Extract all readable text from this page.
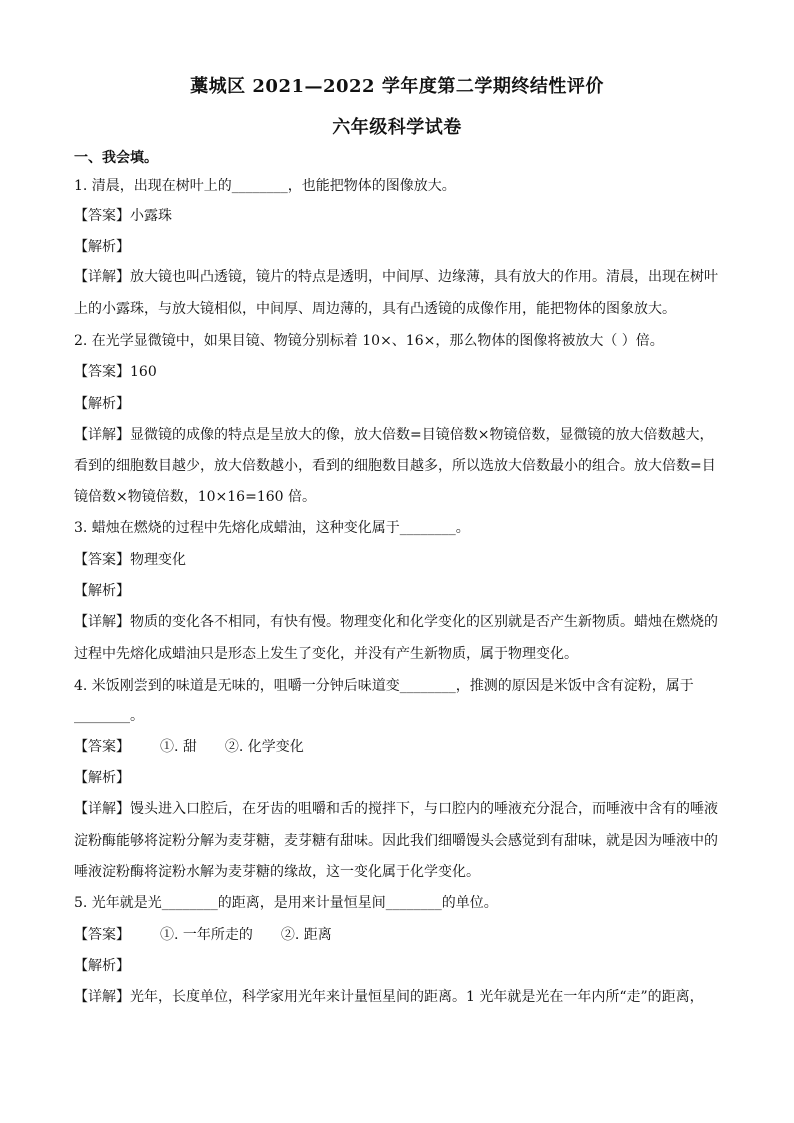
藁城区 2021—2022 学年度第二学期终结性评价
六年级科学试卷
一、我会填。
1. 清晨，出现在树叶上的________，也能把物体的图像放大。
【答案】小露珠
【解析】
【详解】放大镜也叫凸透镜，镜片的特点是透明，中间厚、边缘薄，具有放大的作用。清晨，出现在树叶
上的小露珠，与放大镜相似，中间厚、周边薄的，具有凸透镜的成像作用，能把物体的图象放大。
2. 在光学显微镜中，如果目镜、物镜分别标着 10×、16×，那么物体的图像将被放大（ ）倍。
【答案】160
【解析】
【详解】显微镜的成像的特点是呈放大的像，放大倍数=目镜倍数×物镜倍数，显微镜的放大倍数越大，
看到的细胞数目越少，放大倍数越小，看到的细胞数目越多，所以选放大倍数最小的组合。放大倍数=目
镜倍数×物镜倍数，10×16=160 倍。
3. 蜡烛在燃烧的过程中先熔化成蜡油，这种变化属于________。
【答案】物理变化
【解析】
【详解】物质的变化各不相同，有快有慢。物理变化和化学变化的区别就是否产生新物质。蜡烛在燃烧的
过程中先熔化成蜡油只是形态上发生了变化，并没有产生新物质，属于物理变化。
4. 米饭刚尝到的味道是无味的，咀嚼一分钟后味道变________，推测的原因是米饭中含有淀粉，属于
________。
【答案】 ①. 甜 ②. 化学变化
【解析】
【详解】馒头进入口腔后，在牙齿的咀嚼和舌的搅拌下，与口腔内的唾液充分混合，而唾液中含有的唾液
淀粉酶能够将淀粉分解为麦芽糖，麦芽糖有甜味。因此我们细嚼馒头会感觉到有甜味，就是因为唾液中的
唾液淀粉酶将淀粉水解为麦芽糖的缘故，这一变化属于化学变化。
5. 光年就是光________的距离，是用来计量恒星间________的单位。
【答案】 ①. 一年所走的 ②. 距离
【解析】
【详解】光年，长度单位，科学家用光年来计量恒星间的距离。1 光年就是光在一年内所“走”的距离，
